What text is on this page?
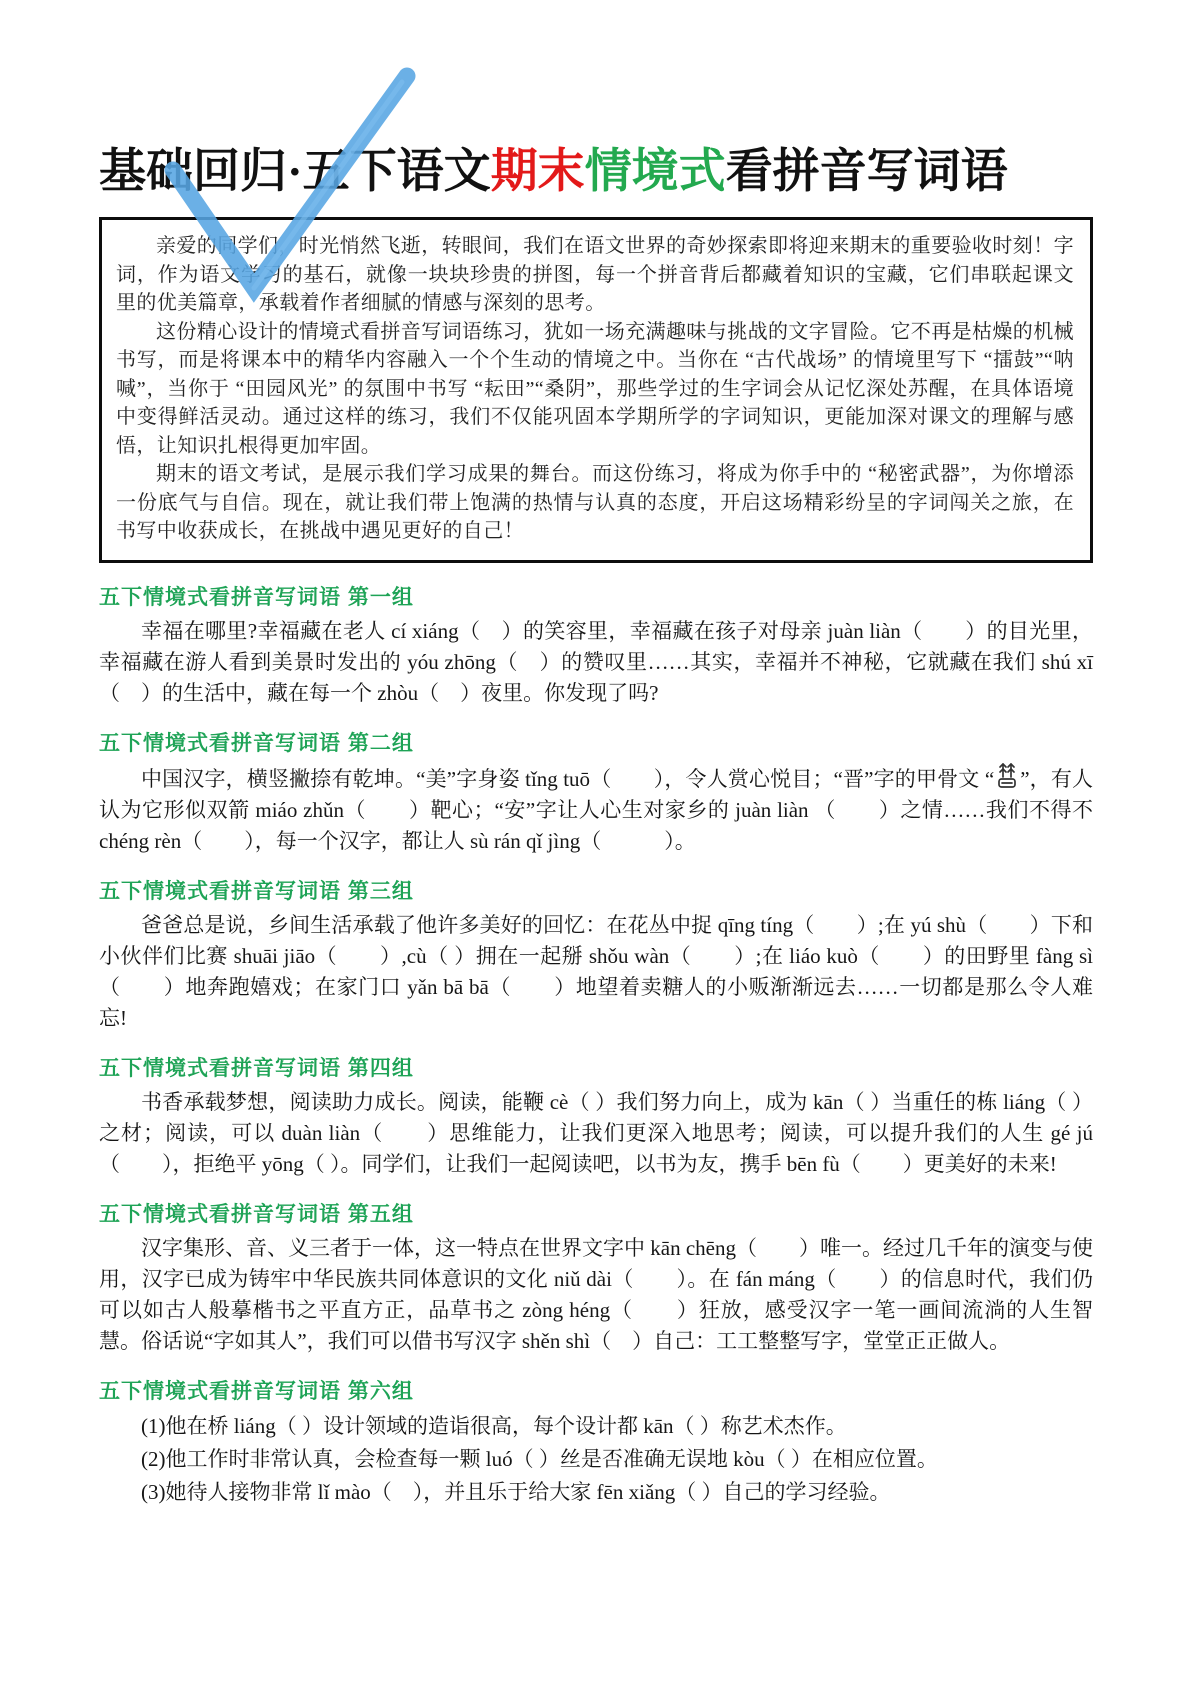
基础回归·五下语文期末情境式看拼音写词语

亲爱的同学们，时光悄然飞逝，转眼间，我们在语文世界的奇妙探索即将迎来期末的重要验收时刻！字词，作为语文学习的基石，就像一块块珍贵的拼图，每一个拼音背后都藏着知识的宝藏，它们串联起课文里的优美篇章，承载着作者细腻的情感与深刻的思考。

这份精心设计的情境式看拼音写词语练习，犹如一场充满趣味与挑战的文字冒险。它不再是枯燥的机械书写，而是将课本中的精华内容融入一个个生动的情境之中。当你在 “古代战场” 的情境里写下 “擂鼓”“呐喊”，当你于 “田园风光” 的氛围中书写 “耘田”“桑阴”，那些学过的生字词会从记忆深处苏醒，在具体语境中变得鲜活灵动。通过这样的练习，我们不仅能巩固本学期所学的字词知识，更能加深对课文的理解与感悟，让知识扎根得更加牢固。

期末的语文考试，是展示我们学习成果的舞台。而这份练习，将成为你手中的 “秘密武器”，为你增添一份底气与自信。现在，就让我们带上饱满的热情与认真的态度，开启这场精彩纷呈的字词闯关之旅，在书写中收获成长，在挑战中遇见更好的自己！

五下情境式看拼音写词语 第一组
幸福在哪里?幸福藏在老人 cí xiáng（　）的笑容里，幸福藏在孩子对母亲 juàn liàn（　　）的目光里，幸福藏在游人看到美景时发出的 yóu zhōng（　）的赞叹里……其实，幸福并不神秘，它就藏在我们 shú xī（　）的生活中，藏在每一个 zhòu（　）夜里。你发现了吗?
五下情境式看拼音写词语 第二组
中国汉字，横竖撇捺有乾坤。“美”字身姿 tǐng tuō（　　），令人赏心悦目；“晋”字的甲骨文 “ ”，有人认为它形似双箭 miáo zhǔn（　　）靶心；“安”字让人心生对家乡的 juàn liàn （　　）之情……我们不得不 chéng rèn（　　），每一个汉字，都让人 sù rán qǐ jìng（　　　）。
五下情境式看拼音写词语 第三组
爸爸总是说，乡间生活承载了他许多美好的回忆：在花丛中捉 qīng tíng（　　）;在 yú shù（　　）下和小伙伴们比赛 shuāi jiāo（　　）,cù（ ）拥在一起掰 shǒu wàn（　　）;在 liáo kuò（　　）的田野里 fàng sì（　　）地奔跑嬉戏；在家门口 yǎn bā bā（　　）地望着卖糖人的小贩渐渐远去……一切都是那么令人难忘!
五下情境式看拼音写词语 第四组
书香承载梦想，阅读助力成长。阅读，能鞭 cè（ ）我们努力向上，成为 kān（ ）当重任的栋 liáng（ ）之材；阅读，可以 duàn liàn（　　）思维能力，让我们更深入地思考；阅读，可以提升我们的人生 gé jú（　　），拒绝平 yōng（ ）。同学们，让我们一起阅读吧，以书为友，携手 bēn fù（　　）更美好的未来!
五下情境式看拼音写词语 第五组
汉字集形、音、义三者于一体，这一特点在世界文字中 kān chēng（　　）唯一。经过几千年的演变与使用，汉字已成为铸牢中华民族共同体意识的文化 niǔ dài（　　）。在 fán máng（　　）的信息时代，我们仍可以如古人般摹楷书之平直方正，品草书之 zòng héng（　　）狂放，感受汉字一笔一画间流淌的人生智慧。俗话说“字如其人”，我们可以借书写汉字 shěn shì（　）自己：工工整整写字，堂堂正正做人。
五下情境式看拼音写词语 第六组
(1)他在桥 liáng（ ）设计领域的造诣很高，每个设计都 kān（ ）称艺术杰作。
(2)他工作时非常认真，会检查每一颗 luó（ ）丝是否准确无误地 kòu（ ）在相应位置。
(3)她待人接物非常 lǐ mào（　），并且乐于给大家 fēn xiǎng（ ）自己的学习经验。
